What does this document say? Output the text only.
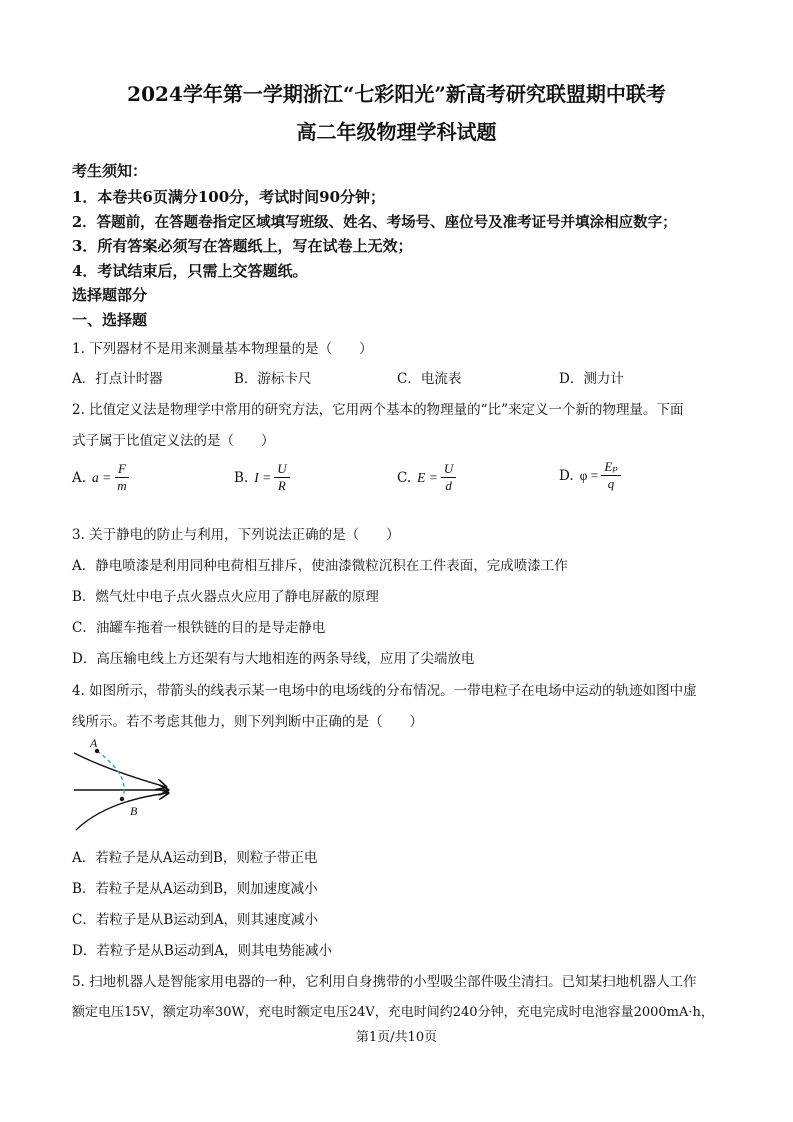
2024学年第一学期浙江“七彩阳光”新高考研究联盟期中联考
高二年级物理学科试题
考生须知：
1．本卷共6页满分100分，考试时间90分钟；
2．答题前，在答题卷指定区域填写班级、姓名、考场号、座位号及准考证号并填涂相应数字；
3．所有答案必须写在答题纸上，写在试卷上无效；
4．考试结束后，只需上交答题纸。
选择题部分
一、选择题
1. 下列器材不是用来测量基本物理量的是（　　）
A．打点计时器	B．游标卡尺	C．电流表	D．测力计
2. 比值定义法是物理学中常用的研究方法，它用两个基本的物理量的“比”来定义一个新的物理量。下面
式子属于比值定义法的是（　　）
A. $a = \frac{F}{m}$	B. $I = \frac{U}{R}$	C. $E = \frac{U}{d}$	D. $\varphi = \frac{\text{Eₚ}}{q}$
3. 关于静电的防止与利用，下列说法正确的是（　　）
A．静电喷漆是利用同种电荷相互排斥，使油漆微粒沉积在工件表面，完成喷漆工作
B．燃气灶中电子点火器点火应用了静电屏蔽的原理
C．油罐车拖着一根铁链的目的是导走静电
D．高压输电线上方还架有与大地相连的两条导线，应用了尖端放电
4. 如图所示，带箭头的线表示某一电场中的电场线的分布情况。一带电粒子在电场中运动的轨迹如图中虚
线所示。若不考虑其他力，则下列判断中正确的是（　　）
A
B
A．若粒子是从A运动到B，则粒子带正电
B．若粒子是从A运动到B，则加速度减小
C．若粒子是从B运动到A，则其速度减小
D．若粒子是从B运动到A，则其电势能减小
5. 扫地机器人是智能家用电器的一种，它利用自身携带的小型吸尘部件吸尘清扫。已知某扫地机器人工作
额定电压15V，额定功率30W，充电时额定电压24V，充电时间约240分钟，充电完成时电池容量2000mA·h，
第1页/共10页
